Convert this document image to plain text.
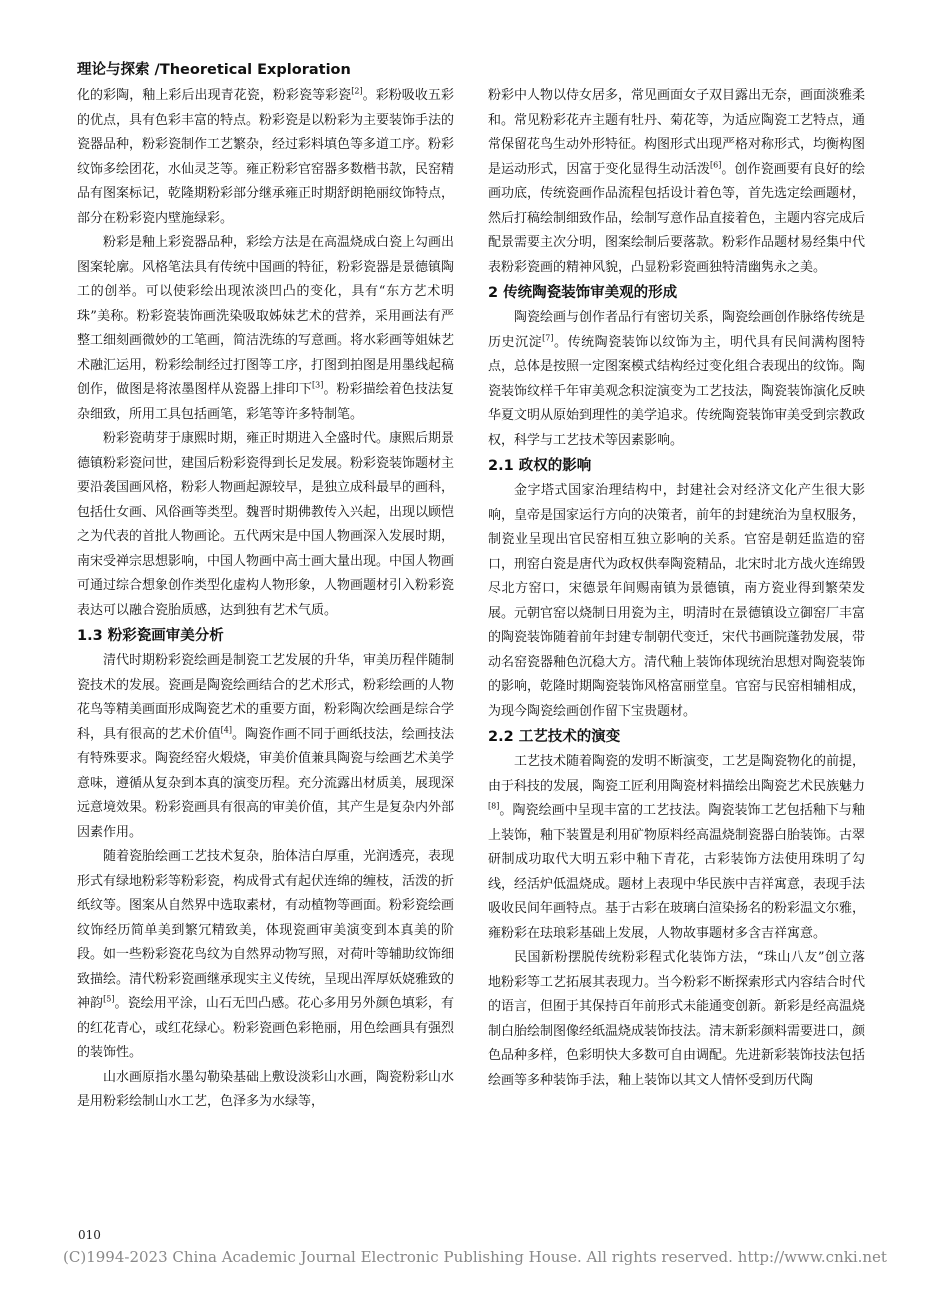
理论与探索 /Theoretical Exploration

化的彩陶，釉上彩后出现青花瓷，粉彩瓷等彩瓷[2]。彩粉吸收五彩的优点，具有色彩丰富的特点。粉彩瓷是以粉彩为主要装饰手法的瓷器品种，粉彩瓷制作工艺繁杂，经过彩料填色等多道工序。粉彩纹饰多绘团花，水仙灵芝等。雍正粉彩官窑器多数楷书款，民窑精品有图案标记，乾隆期粉彩部分继承雍正时期舒朗艳丽纹饰特点，部分在粉彩瓷内壁施绿彩。

粉彩是釉上彩瓷器品种，彩绘方法是在高温烧成白瓷上勾画出图案轮廓。风格笔法具有传统中国画的特征，粉彩瓷器是景德镇陶工的创举。可以使彩绘出现浓淡凹凸的变化，具有“东方艺术明珠”美称。粉彩瓷装饰画洗染吸取姊妹艺术的营养，采用画法有严整工细刻画微妙的工笔画，简洁洗练的写意画。将水彩画等姐妹艺术融汇运用，粉彩绘制经过打图等工序，打图到拍图是用墨线起稿创作，做图是将浓墨图样从瓷器上排印下[3]。粉彩描绘着色技法复杂细致，所用工具包括画笔，彩笔等许多特制笔。

粉彩瓷萌芽于康熙时期，雍正时期进入全盛时代。康熙后期景德镇粉彩瓷问世，建国后粉彩瓷得到长足发展。粉彩瓷装饰题材主要沿袭国画风格，粉彩人物画起源较早，是独立成科最早的画科，包括仕女画、风俗画等类型。魏晋时期佛教传入兴起，出现以顾恺之为代表的首批人物画论。五代两宋是中国人物画深入发展时期，南宋受禅宗思想影响，中国人物画中高士画大量出现。中国人物画可通过综合想象创作类型化虚构人物形象，人物画题材引入粉彩瓷表达可以融合瓷胎质感，达到独有艺术气质。

1.3 粉彩瓷画审美分析

清代时期粉彩瓷绘画是制瓷工艺发展的升华，审美历程伴随制瓷技术的发展。瓷画是陶瓷绘画结合的艺术形式，粉彩绘画的人物花鸟等精美画面形成陶瓷艺术的重要方面，粉彩陶次绘画是综合学科，具有很高的艺术价值[4]。陶瓷作画不同于画纸技法，绘画技法有特殊要求。陶瓷经窑火煅烧，审美价值兼具陶瓷与绘画艺术美学意味，遵循从复杂到本真的演变历程。充分流露出材质美，展现深远意境效果。粉彩瓷画具有很高的审美价值，其产生是复杂内外部因素作用。

随着瓷胎绘画工艺技术复杂，胎体洁白厚重，光润透亮，表现形式有绿地粉彩等粉彩瓷，构成骨式有起伏连绵的缠枝，活泼的折纸纹等。图案从自然界中选取素材，有动植物等画面。粉彩瓷绘画纹饰经历简单美到繁冗精致美，体现瓷画审美演变到本真美的阶段。如一些粉彩瓷花鸟纹为自然界动物写照，对荷叶等辅助纹饰细致描绘。清代粉彩瓷画继承现实主义传统，呈现出浑厚妖娆雅致的神韵[5]。瓷绘用平涂，山石无凹凸感。花心多用另外颜色填彩，有的红花青心，或红花绿心。粉彩瓷画色彩艳丽，用色绘画具有强烈的装饰性。

山水画原指水墨勾勒染基础上敷设淡彩山水画，陶瓷粉彩山水是用粉彩绘制山水工艺，色泽多为水绿等，

粉彩中人物以侍女居多，常见画面女子双目露出无奈，画面淡雅柔和。常见粉彩花卉主题有牡丹、菊花等，为适应陶瓷工艺特点，通常保留花鸟生动外形特征。构图形式出现严格对称形式，均衡构图是运动形式，因富于变化显得生动活泼[6]。创作瓷画要有良好的绘画功底，传统瓷画作品流程包括设计着色等，首先选定绘画题材，然后打稿绘制细致作品，绘制写意作品直接着色，主题内容完成后配景需要主次分明，图案绘制后要落款。粉彩作品题材易经集中代表粉彩瓷画的精神风貌，凸显粉彩瓷画独特清幽隽永之美。

2 传统陶瓷装饰审美观的形成

陶瓷绘画与创作者品行有密切关系，陶瓷绘画创作脉络传统是历史沉淀[7]。传统陶瓷装饰以纹饰为主，明代具有民间满构图特点，总体是按照一定图案模式结构经过变化组合表现出的纹饰。陶瓷装饰纹样千年审美观念积淀演变为工艺技法，陶瓷装饰演化反映华夏文明从原始到理性的美学追求。传统陶瓷装饰审美受到宗教政权，科学与工艺技术等因素影响。

2.1 政权的影响

金字塔式国家治理结构中，封建社会对经济文化产生很大影响，皇帝是国家运行方向的决策者，前年的封建统治为皇权服务，制瓷业呈现出官民窑相互独立影响的关系。官窑是朝廷监造的窑口，刑窑白瓷是唐代为政权供奉陶瓷精品，北宋时北方战火连绵毁尽北方窑口，宋德景年间赐南镇为景德镇，南方瓷业得到繁荣发展。元朝官窑以烧制日用瓷为主，明清时在景德镇设立御窑厂丰富的陶瓷装饰随着前年封建专制朝代变迁，宋代书画院蓬勃发展，带动名窑瓷器釉色沉稳大方。清代釉上装饰体现统治思想对陶瓷装饰的影响，乾隆时期陶瓷装饰风格富丽堂皇。官窑与民窑相辅相成，为现今陶瓷绘画创作留下宝贵题材。

2.2 工艺技术的演变

工艺技术随着陶瓷的发明不断演变，工艺是陶瓷物化的前提，由于科技的发展，陶瓷工匠利用陶瓷材料描绘出陶瓷艺术民族魅力[8]。陶瓷绘画中呈现丰富的工艺技法。陶瓷装饰工艺包括釉下与釉上装饰，釉下装置是利用矿物原料经高温烧制瓷器白胎装饰。古翠研制成功取代大明五彩中釉下青花，古彩装饰方法使用珠明了勾线，经活炉低温烧成。题材上表现中华民族中吉祥寓意，表现手法吸收民间年画特点。基于古彩在玻璃白渲染扬名的粉彩温文尔雅，雍粉彩在珐琅彩基础上发展，人物故事题材多含吉祥寓意。

民国新粉摆脱传统粉彩程式化装饰方法，“珠山八友”创立落地粉彩等工艺拓展其表现力。当今粉彩不断探索形式内容结合时代的语言，但囿于其保持百年前形式未能通变创新。新彩是经高温烧制白胎绘制图像经纸温烧成装饰技法。清末新彩颜料需要进口，颜色品种多样，色彩明快大多数可自由调配。先进新彩装饰技法包括绘画等多种装饰手法，釉上装饰以其文人情怀受到历代陶

010
(C)1994-2023 China Academic Journal Electronic Publishing House. All rights reserved. http://www.cnki.net
